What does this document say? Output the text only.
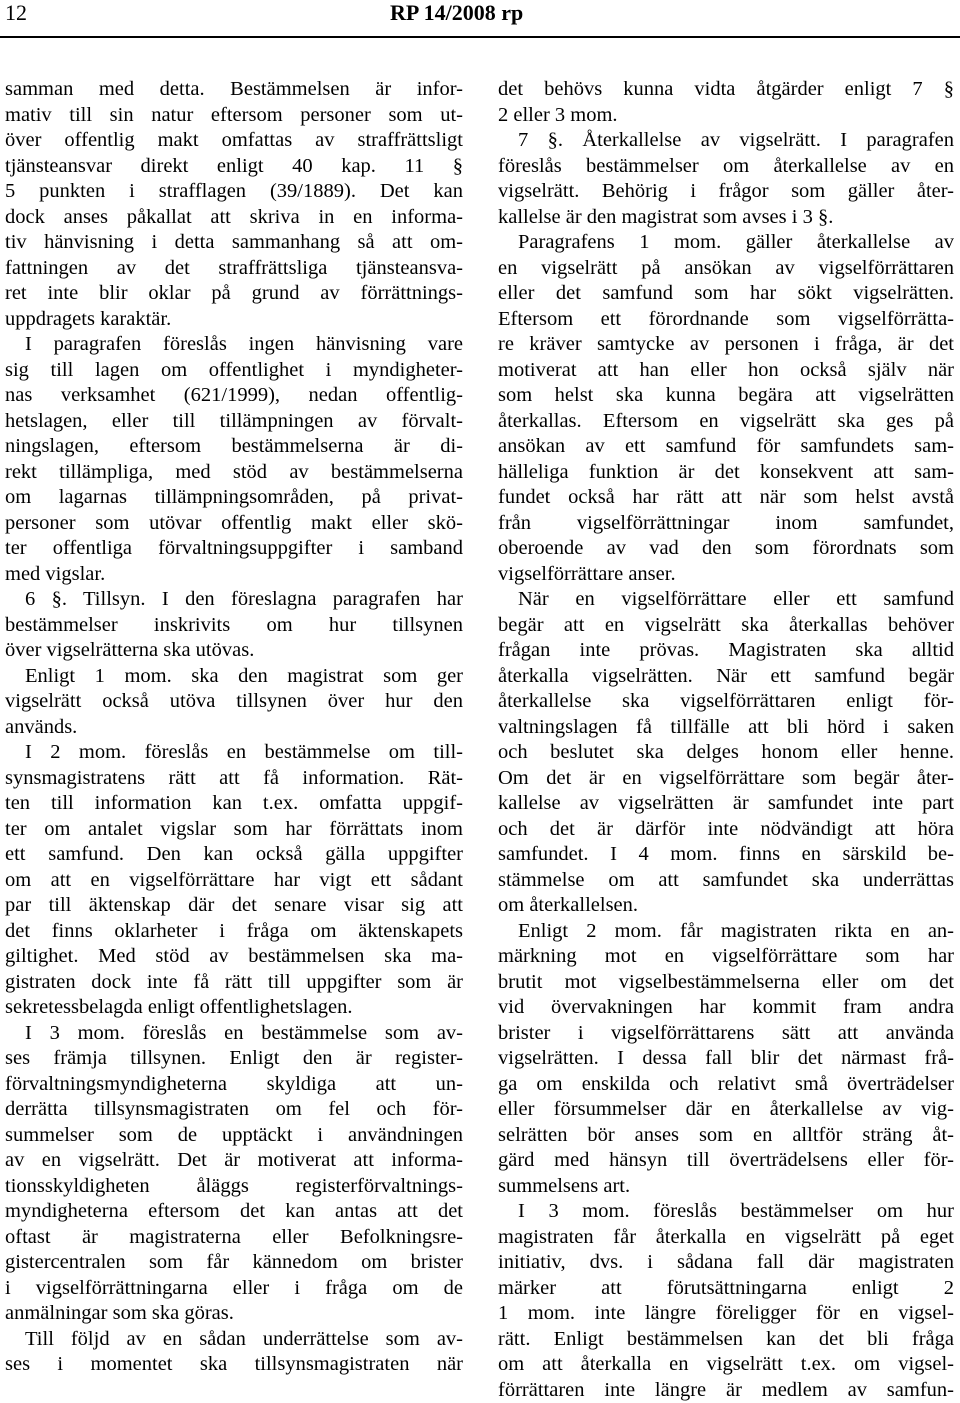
12	RP 14/2008 rp
samman med detta. Bestämmelsen är infor-
mativ till sin natur eftersom personer som ut-
över offentlig makt omfattas av straffrättsligt
tjänsteansvar direkt enligt 40 kap. 11 §
5 punkten i strafflagen (39/1889). Det kan
dock anses påkallat att skriva in en informa-
tiv hänvisning i detta sammanhang så att om-
fattningen av det straffrättsliga tjänsteansva-
ret inte blir oklar på grund av förrättnings-
uppdragets karaktär.
I paragrafen föreslås ingen hänvisning vare
sig till lagen om offentlighet i myndigheter-
nas verksamhet (621/1999), nedan offentlig-
hetslagen, eller till tillämpningen av förvalt-
ningslagen, eftersom bestämmelserna är di-
rekt tillämpliga, med stöd av bestämmelserna
om lagarnas tillämpningsområden, på privat-
personer som utövar offentlig makt eller skö-
ter offentliga förvaltningsuppgifter i samband
med vigslar.
6 §. Tillsyn. I den föreslagna paragrafen har
bestämmelser inskrivits om hur tillsynen
över vigselrätterna ska utövas.
Enligt 1 mom. ska den magistrat som ger
vigselrätt också utöva tillsynen över hur den
används.
I 2 mom. föreslås en bestämmelse om till-
synsmagistratens rätt att få information. Rät-
ten till information kan t.ex. omfatta uppgif-
ter om antalet vigslar som har förrättats inom
ett samfund. Den kan också gälla uppgifter
om att en vigselförrättare har vigt ett sådant
par till äktenskap där det senare visar sig att
det finns oklarheter i fråga om äktenskapets
giltighet. Med stöd av bestämmelsen ska ma-
gistraten dock inte få rätt till uppgifter som är
sekretessbelagda enligt offentlighetslagen.
I 3 mom. föreslås en bestämmelse som av-
ses främja tillsynen. Enligt den är register-
förvaltningsmyndigheterna skyldiga att un-
derrätta tillsynsmagistraten om fel och för-
summelser som de upptäckt i användningen
av en vigselrätt. Det är motiverat att informa-
tionsskyldigheten åläggs registerförvaltnings-
myndigheterna eftersom det kan antas att det
oftast är magistraterna eller Befolkningsre-
gistercentralen som får kännedom om brister
i vigselförrättningarna eller i fråga om de
anmälningar som ska göras.
Till följd av en sådan underrättelse som av-
ses i momentet ska tillsynsmagistraten när
det behövs kunna vidta åtgärder enligt 7 §
2 eller 3 mom.
7 §. Återkallelse av vigselrätt. I paragrafen
föreslås bestämmelser om återkallelse av en
vigselrätt. Behörig i frågor som gäller åter-
kallelse är den magistrat som avses i 3 §.
Paragrafens 1 mom. gäller återkallelse av
en vigselrätt på ansökan av vigselförrättaren
eller det samfund som har sökt vigselrätten.
Eftersom ett förordnande som vigselförrätta-
re kräver samtycke av personen i fråga, är det
motiverat att han eller hon också själv när
som helst ska kunna begära att vigselrätten
återkallas. Eftersom en vigselrätt ska ges på
ansökan av ett samfund för samfundets sam-
hälleliga funktion är det konsekvent att sam-
fundet också har rätt att när som helst avstå
från vigselförrättningar inom samfundet,
oberoende av vad den som förordnats som
vigselförrättare anser.
När en vigselförrättare eller ett samfund
begär att en vigselrätt ska återkallas behöver
frågan inte prövas. Magistraten ska alltid
återkalla vigselrätten. När ett samfund begär
återkallelse ska vigselförrättaren enligt för-
valtningslagen få tillfälle att bli hörd i saken
och beslutet ska delges honom eller henne.
Om det är en vigselförrättare som begär åter-
kallelse av vigselrätten är samfundet inte part
och det är därför inte nödvändigt att höra
samfundet. I 4 mom. finns en särskild be-
stämmelse om att samfundet ska underrättas
om återkallelsen.
Enligt 2 mom. får magistraten rikta en an-
märkning mot en vigselförrättare som har
brutit mot vigselbestämmelserna eller om det
vid övervakningen har kommit fram andra
brister i vigselförrättarens sätt att använda
vigselrätten. I dessa fall blir det närmast frå-
ga om enskilda och relativt små överträdelser
eller försummelser där en återkallelse av vig-
selrätten bör anses som en alltför sträng åt-
gärd med hänsyn till överträdelsens eller för-
summelsens art.
I 3 mom. föreslås bestämmelser om hur
magistraten får återkalla en vigselrätt på eget
initiativ, dvs. i sådana fall där magistraten
märker att förutsättningarna enligt 2
1 mom. inte längre föreligger för en vigsel-
rätt. Enligt bestämmelsen kan det bli fråga
om att återkalla en vigselrätt t.ex. om vigsel-
förrättaren inte längre är medlem av samfun-
